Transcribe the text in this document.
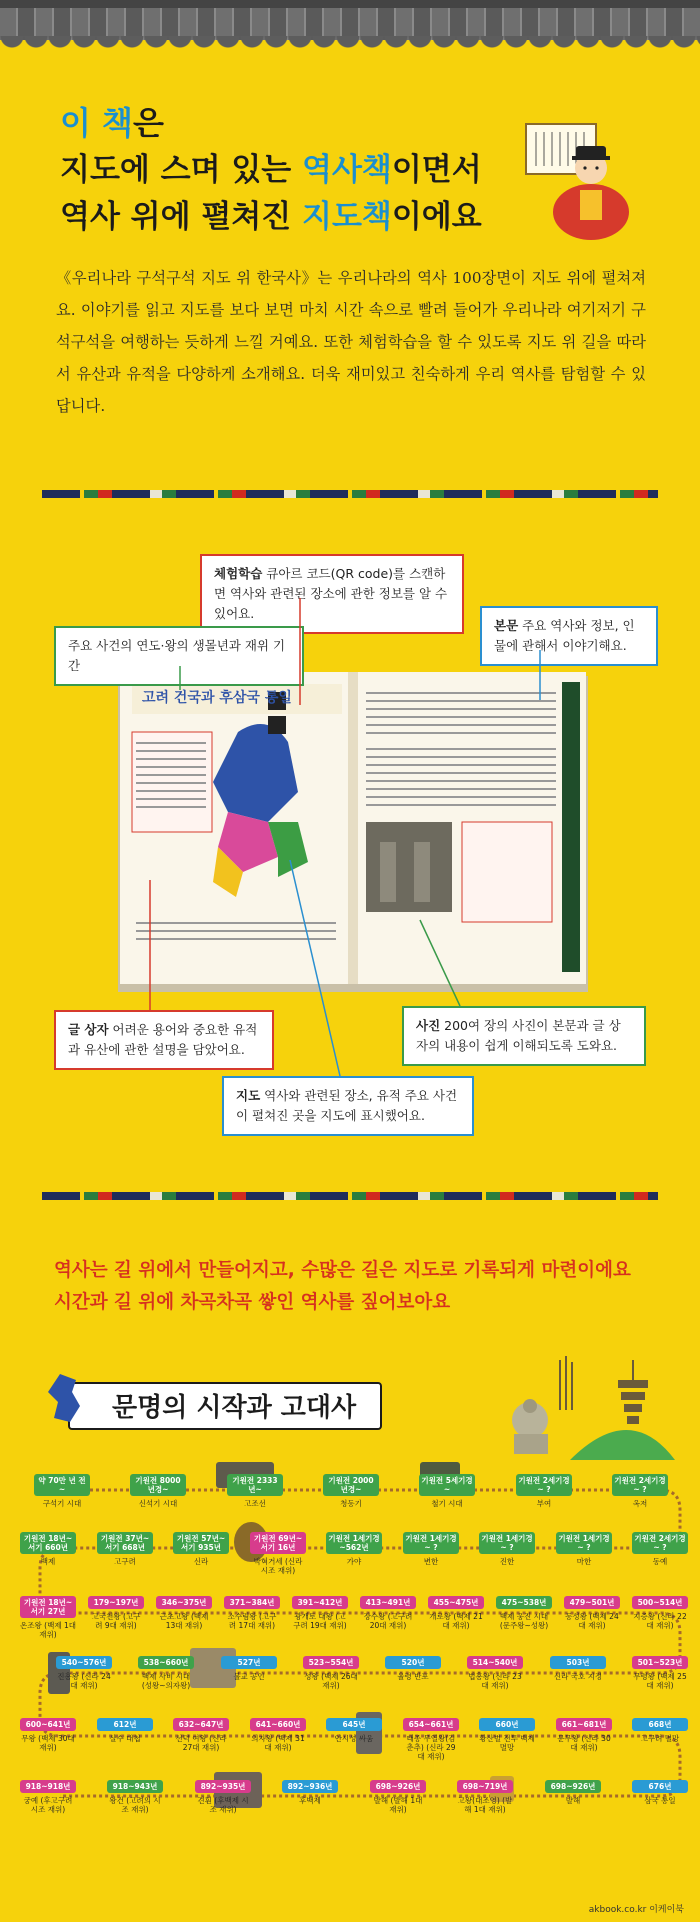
이 책은
지도에 스며 있는 역사책이면서
역사 위에 펼쳐진 지도책이에요
《우리나라 구석구석 지도 위 한국사》는 우리나라의 역사 100장면이 지도 위에 펼쳐져요. 이야기를 읽고 지도를 보다 보면 마치 시간 속으로 빨려 들어가 우리나라 여기저기 구석구석을 여행하는 듯하게 느낄 거예요. 또한 체험학습을 할 수 있도록 지도 위 길을 따라서 유산과 유적을 다양하게 소개해요. 더욱 재미있고 친숙하게 우리 역사를 탐험할 수 있답니다.
고려 건국과 후삼국 통일
체험학습 큐아르 코드(QR code)를 스캔하면 역사와 관련된 장소에 관한 정보를 알 수 있어요.
주요 사건의 연도·왕의 생몰년과 재위 기간
본문 주요 역사와 정보, 인물에 관해서 이야기해요.
글 상자 어려운 용어와 중요한 유적과 유산에 관한 설명을 담았어요.
사진 200여 장의 사진이 본문과 글 상자의 내용이 쉽게 이해되도록 도와요.
지도 역사와 관련된 장소, 유적 주요 사건이 펼쳐진 곳을 지도에 표시했어요.
역사는 길 위에서 만들어지고, 수많은 길은 지도로 기록되게 마련이에요
시간과 길 위에 차곡차곡 쌓인 역사를 짚어보아요
1부 문명의 시작과 고대사
약 70만 년 전~
구석기 시대
기원전 8000년경~
신석기 시대
기원전 2333년~
고조선
기원전 2000년경~
청동기
기원전 5세기경~
철기 시대
기원전 2세기경~ ?
부여
기원전 2세기경~ ?
옥저
기원전 18년~ 서기 660년
백제
기원전 37년~ 서기 668년
고구려
기원전 57년~ 서기 935년
신라
기원전 69년~ 서기 16년
박혁거세 (신라 시조 재위)
기원전 1세기경 ~562년
가야
기원전 1세기경~ ?
변한
기원전 1세기경~ ?
진한
기원전 1세기경~ ?
마한
기원전 2세기경~ ?
동예
기원전 18년~ 서기 27년
온조왕 (백제 1대 재위)
179~197년
고국천왕 (고구려 9대 재위)
346~375년
근초고왕 (백제 13대 재위)
371~384년
소수림왕 (고구려 17대 재위)
391~412년
광개토 대왕 (고구려 19대 재위)
413~491년
장수왕 (고구려 20대 재위)
455~475년
개로왕 (백제 21대 재위)
475~538년
백제 웅진 시대 (문주왕~성왕)
479~501년
동성왕 (백제 24대 재위)
500~514년
지증왕 (신라 22대 재위)
540~576년
진흥왕 (신라 24대 재위)
538~660년
백제 사비 시대 (성왕~의자왕)
527년
불교 공인
523~554년
성왕 (백제 26대 재위)
520년
율령 반포
514~540년
법흥왕 (신라 23대 재위)
503년
신라 국호 지정
501~523년
무령왕 (백제 25대 재위)
600~641년
무왕 (백제 30대 재위)
612년
살수 대첩
632~647년
선덕 여왕 (신라 27대 재위)
641~660년
의자왕 (백제 31대 재위)
645년
안시성 싸움
654~661년
태종 무열왕(김춘추) (신라 29대 재위)
660년
황산벌 전투 백제 멸망
661~681년
문무왕 (신라 30대 재위)
668년
고구려 멸망
918~918년
궁예 (후고구려 시조 재위)
918~943년
왕건 (고려의 시조 재위)
892~935년
견훤 (후백제 시조 재위)
892~936년
후백제
698~926년
발해 (발해 1대 재위)
698~719년
고왕(대조영) (발해 1대 재위)
698~926년
발해
676년
삼국 통일
akbook.co.kr 이케이북
